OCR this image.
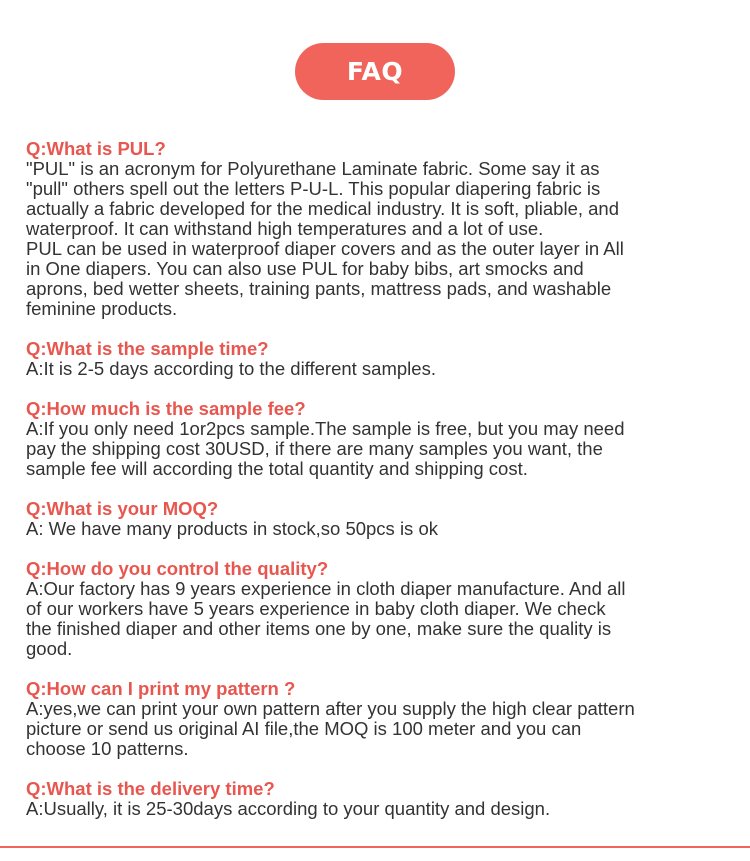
FAQ
Q:What is PUL?
"PUL" is an acronym for Polyurethane Laminate fabric. Some say it as
"pull" others spell out the letters P-U-L. This popular diapering fabric is
actually a fabric developed for the medical industry. It is soft, pliable, and
waterproof. It can withstand high temperatures and a lot of use.
PUL can be used in waterproof diaper covers and as the outer layer in All
in One diapers. You can also use PUL for baby bibs, art smocks and
aprons, bed wetter sheets, training pants, mattress pads, and washable
feminine products.
Q:What is the sample time?
A:It is 2-5 days according to the different samples.
Q:How much is the sample fee?
A:If you only need 1or2pcs sample.The sample is free, but you may need
pay the shipping cost 30USD, if there are many samples you want, the
sample fee will according the total quantity and shipping cost.
Q:What is your MOQ?
A: We have many products in stock,so 50pcs is ok
Q:How do you control the quality?
A:Our factory has 9 years experience in cloth diaper manufacture. And all
of our workers have 5 years experience in baby cloth diaper. We check
the finished diaper and other items one by one, make sure the quality is
good.
Q:How can I print my pattern ?
A:yes,we can print your own pattern after you supply the high clear pattern
picture or send us original AI file,the MOQ is 100 meter and you can
choose 10 patterns.
Q:What is the delivery time?
A:Usually, it is 25-30days according to your quantity and design.
